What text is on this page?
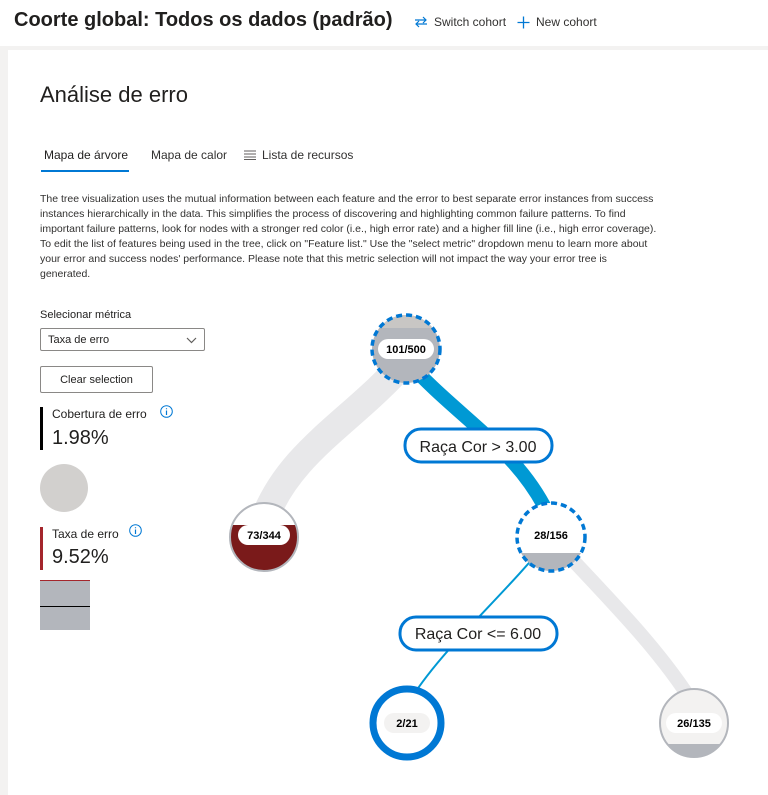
Coorte global: Todos os dados (padrão)	Switch cohort New cohort
Análise de erro
Mapa de árvore Mapa de calor	Lista de recursos
The tree visualization uses the mutual information between each feature and the error to best separate error instances from success instances hierarchically in the data. This simplifies the process of discovering and highlighting common failure patterns. To find important failure patterns, look for nodes with a stronger red color (i.e., high error rate) and a higher fill line (i.e., high error coverage). To edit the list of features being used in the tree, click on "Feature list." Use the "select metric" dropdown menu to learn more about your error and success nodes' performance. Please note that this metric selection will not impact the way your error tree is generated.
Selecionar métrica
Taxa de erro
Clear selection
Cobertura de erro
1.98%
Taxa de erro
9.52%
101/500
73/344	28/156
2/21	26/135
Raça Cor > 3.00
Raça Cor <= 6.00
